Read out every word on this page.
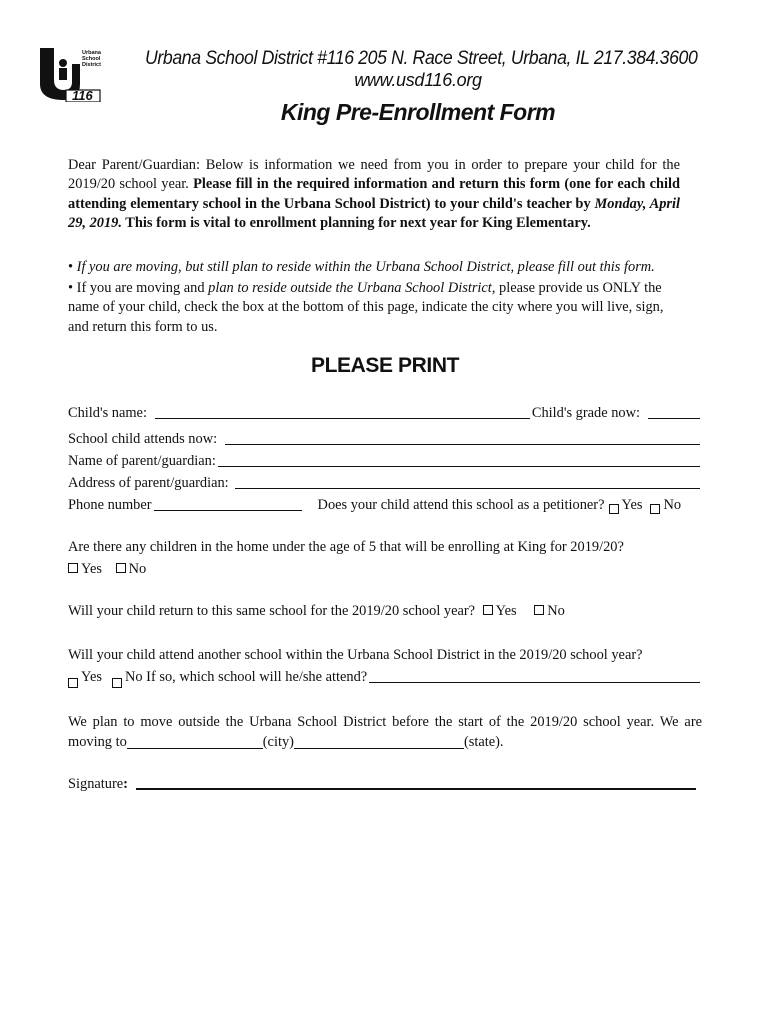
Urbana School District
116
Urbana School District #116 205 N. Race Street, Urbana, IL 217.384.3600
www.usd116.org
King Pre-Enrollment Form
Dear Parent/Guardian: Below is information we need from you in order to prepare your child for the 2019/20 school year. Please fill in the required information and return this form (one for each child attending elementary school in the Urbana School District) to your child's teacher by Monday, April 29, 2019. This form is vital to enrollment planning for next year for King Elementary.
• If you are moving, but still plan to reside within the Urbana School District, please fill out this form.
• If you are moving and plan to reside outside the Urbana School District, please provide us ONLY the name of your child, check the box at the bottom of this page, indicate the city where you will live, sign, and return this form to us.
PLEASE PRINT
Child's name:	Child's grade now:
School child attends now:
Name of parent/guardian:
Address of parent/guardian:
Phone number	Does your child attend this school as a petitioner? Yes No
Are there any children in the home under the age of 5 that will be enrolling at King for 2019/20?
Yes No
Will your child return to this same school for the 2019/20 school year? Yes No
Will your child attend another school within the Urbana School District in the 2019/20 school year?
Yes No
If so, which school will he/she attend?
We plan to move outside the Urbana School District before the start of the 2019/20 school year. We are moving to	(city)	(state).
Signature :
